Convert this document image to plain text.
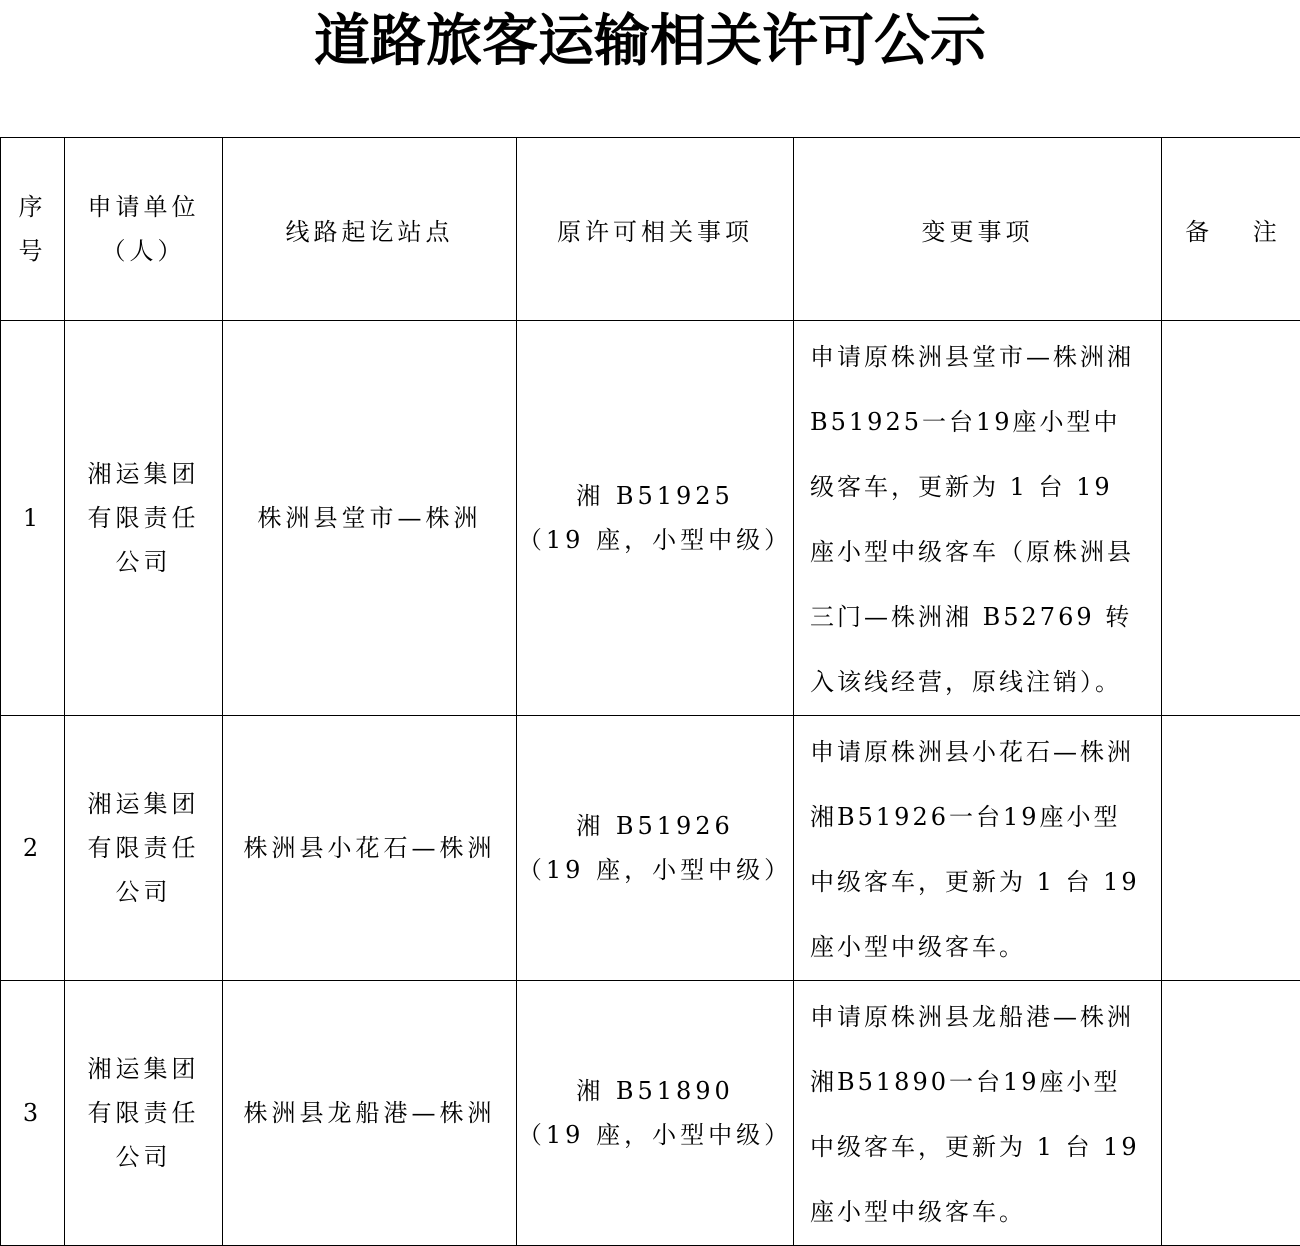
道路旅客运输相关许可公示
序
号	申请单位
（人）	线路起讫站点	原许可相关事项	变更事项	备 注
1	湘运集团
有限责任
公司	株洲县堂市—株洲	湘 B51925
（19 座，小型中级）	申请原株洲县堂市—株洲湘B51925一台19座小型中级客车，更新为 1 台 19 座小型中级客车（原株洲县三门—株洲湘 B52769 转入该线经营，原线注销）。	
2	湘运集团
有限责任
公司	株洲县小花石—株洲	湘 B51926
（19 座，小型中级）	申请原株洲县小花石—株洲湘B51926一台19座小型中级客车，更新为 1 台 19 座小型中级客车。	
3	湘运集团
有限责任
公司	株洲县龙船港—株洲	湘 B51890
（19 座，小型中级）	申请原株洲县龙船港—株洲湘B51890一台19座小型中级客车，更新为 1 台 19 座小型中级客车。	
